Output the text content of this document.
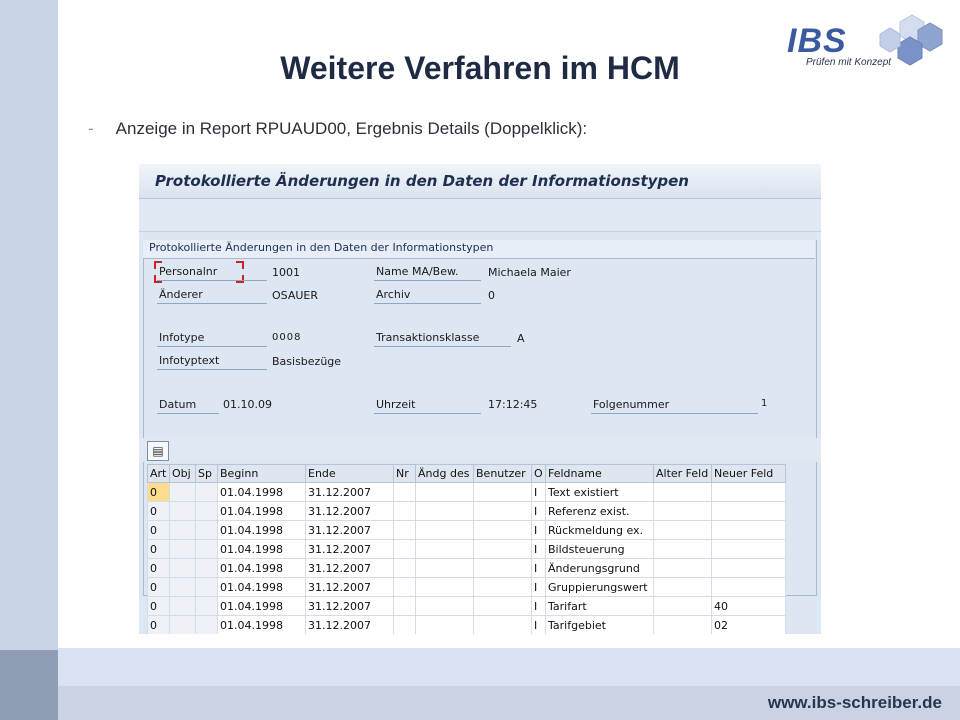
www.ibs-schreiber.de
IBS
Prüfen mit Konzept
Weitere Verfahren im HCM
- Anzeige in Report RPUAUD00, Ergebnis Details (Doppelklick):
Protokollierte Änderungen in den Daten der Informationstypen
Protokollierte Änderungen in den Daten der Informationstypen
Personalnr	1001	Name MA/Bew.	Michaela Maier
Änderer	OSAUER	Archiv	0
Infotype	0008	Transaktionsklasse	A
Infotyptext	Basisbezüge
Datum	01.10.09	Uhrzeit	17:12:45	Folgenummer	1
▤
Art	Obj	Sp	Beginn	Ende	Nr	Ändg des	Benutzer	O	Feldname	Alter Feld	Neuer Feld
0			01.04.1998	31.12.2007				I	Text existiert		
0			01.04.1998	31.12.2007				I	Referenz exist.		
0			01.04.1998	31.12.2007				I	Rückmeldung ex.		
0			01.04.1998	31.12.2007				I	Bildsteuerung		
0			01.04.1998	31.12.2007				I	Änderungsgrund		
0			01.04.1998	31.12.2007				I	Gruppierungswert		
0			01.04.1998	31.12.2007				I	Tarifart		40
0			01.04.1998	31.12.2007				I	Tarifgebiet		02
